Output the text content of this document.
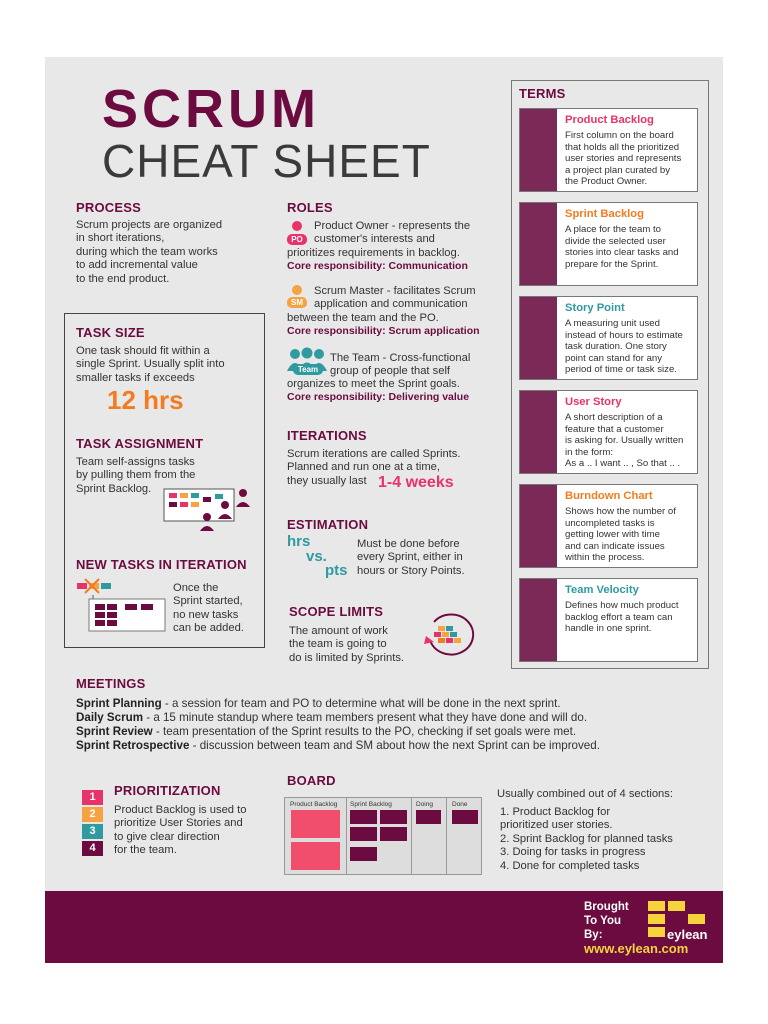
SCRUM
CHEAT SHEET
PROCESS
Scrum projects are organized
in short iterations,
during which the team works
to add incremental value
to the end product.
TASK SIZE
One task should fit within a
single Sprint. Usually split into
smaller tasks if exceeds
12 hrs
TASK ASSIGNMENT
Team self-assigns tasks
by pulling them from the
Sprint Backlog.
NEW TASKS IN ITERATION
Once the
Sprint started,
no new tasks
can be added.
ROLES
PO
Product Owner - represents the
customer's interests and
prioritizes requirements in backlog.
Core responsibility: Communication
SM
Scrum Master - facilitates Scrum
application and communication
between the team and the PO.
Core responsibility: Scrum application
Team
The Team - Cross-functional
group of people that self
organizes to meet the Sprint goals.
Core responsibility: Delivering value
ITERATIONS
Scrum iterations are called Sprints.
Planned and run one at a time,
they usually last 1-4 weeks
ESTIMATION
hrs
vs.
pts
Must be done before
every Sprint, either in
hours or Story Points.
SCOPE LIMITS
The amount of work
the team is going to
do is limited by Sprints.
TERMS
Product Backlog
First column on the board
that holds all the prioritized
user stories and represents
a project plan curated by
the Product Owner.
Sprint Backlog
A place for the team to
divide the selected user
stories into clear tasks and
prepare for the Sprint.
Story Point
A measuring unit used
instead of hours to estimate
task duration. One story
point can stand for any
period of time or task size.
User Story
A short description of a
feature that a customer
is asking for. Usually written
in the form:
As a .. I want .. , So that .. .
Burndown Chart
Shows how the number of
uncompleted tasks is
getting lower with time
and can indicate issues
within the process.
Team Velocity
Defines how much product
backlog effort a team can
handle in one sprint.
MEETINGS
Sprint Planning - a session for team and PO to determine what will be done in the next sprint.
Daily Scrum - a 15 minute standup where team members present what they have done and will do.
Sprint Review - team presentation of the Sprint results to the PO, checking if set goals were met.
Sprint Retrospective - discussion between team and SM about how the next Sprint can be improved.
PRIORITIZATION
1
2
3
4
Product Backlog is used to
prioritize User Stories and
to give clear direction
for the team.
BOARD
Product Backlog Sprint Backlog	Doing	Done
Usually combined out of 4 sections:
1. Product Backlog for
prioritized user stories.
2. Sprint Backlog for planned tasks
3. Doing for tasks in progress
4. Done for completed tasks
Brought
To You
By:	eylean
www.eylean.com
